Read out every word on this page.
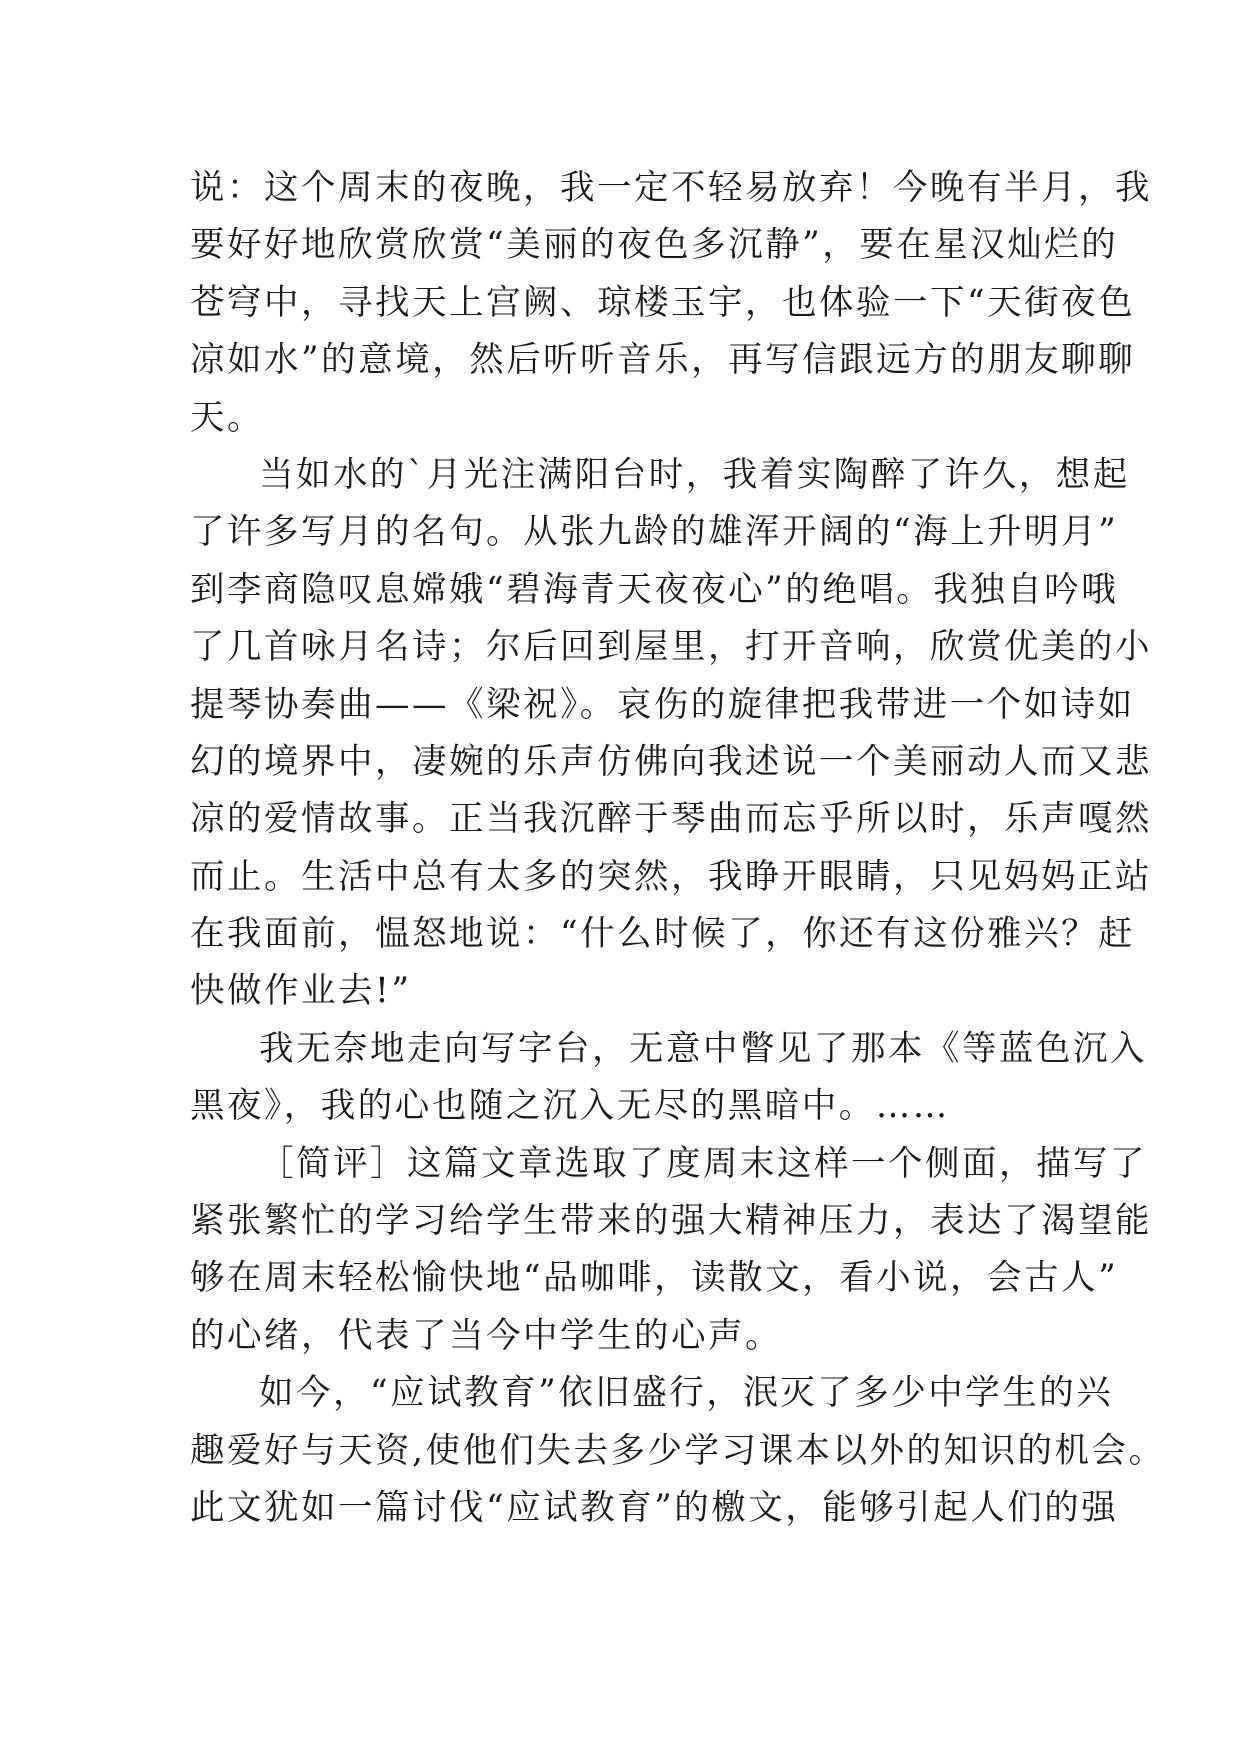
说：这个周末的夜晚，我一定不轻易放弃！今晚有半月，我
要好好地欣赏欣赏“美丽的夜色多沉静”，要在星汉灿烂的
苍穹中，寻找天上宫阙、琼楼玉宇，也体验一下“天街夜色
凉如水”的意境，然后听听音乐，再写信跟远方的朋友聊聊
天。
当如水的`月光注满阳台时，我着实陶醉了许久，想起
了许多写月的名句。从张九龄的雄浑开阔的“海上升明月”
到李商隐叹息嫦娥“碧海青天夜夜心”的绝唱。我独自吟哦
了几首咏月名诗；尔后回到屋里，打开音响，欣赏优美的小
提琴协奏曲——《梁祝》。哀伤的旋律把我带进一个如诗如
幻的境界中，凄婉的乐声仿佛向我述说一个美丽动人而又悲
凉的爱情故事。正当我沉醉于琴曲而忘乎所以时，乐声嘎然
而止。生活中总有太多的突然，我睁开眼睛，只见妈妈正站
在我面前，愠怒地说：“什么时候了，你还有这份雅兴？赶
快做作业去!”
我无奈地走向写字台，无意中瞥见了那本《等蓝色沉入
黑夜》，我的心也随之沉入无尽的黑暗中。……
［简评］这篇文章选取了度周末这样一个侧面，描写了
紧张繁忙的学习给学生带来的强大精神压力，表达了渴望能
够在周末轻松愉快地“品咖啡，读散文，看小说，会古人”
的心绪，代表了当今中学生的心声。
如今，“应试教育”依旧盛行，泯灭了多少中学生的兴
趣爱好与天资,使他们失去多少学习课本以外的知识的机会。
此文犹如一篇讨伐“应试教育”的檄文，能够引起人们的强
